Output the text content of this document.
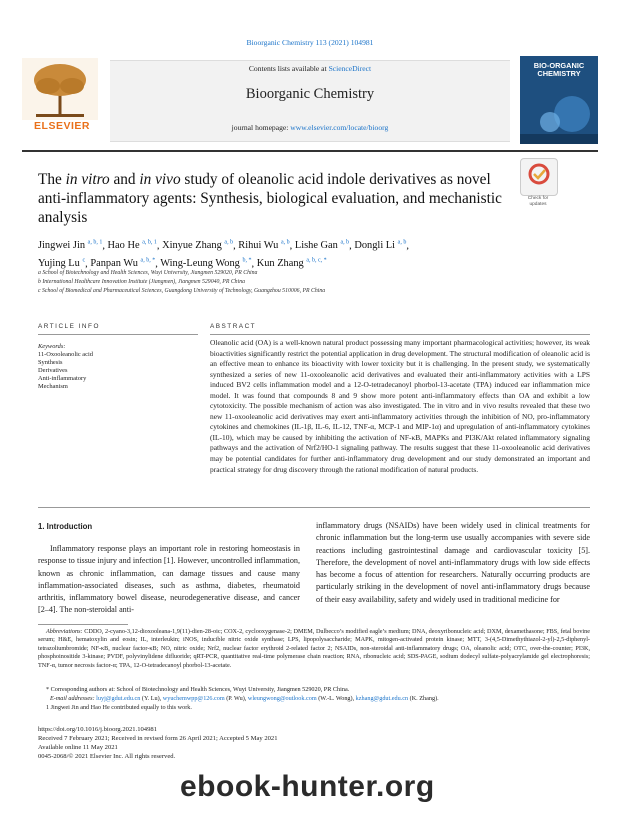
Bioorganic Chemistry 113 (2021) 104981
ELSEVIER
Contents lists available at ScienceDirect
Bioorganic Chemistry
journal homepage: www.elsevier.com/locate/bioorg
BIO-ORGANIC CHEMISTRY
The in vitro and in vivo study of oleanolic acid indole derivatives as novel anti-inflammatory agents: Synthesis, biological evaluation, and mechanistic analysis
Check for updates
Jingwei Jin $^{a, b, 1}$, Hao He $^{a, b, 1}$, Xinyue Zhang $^{a, b}$, Rihui Wu $^{a, b}$, Lishe Gan $^{a, b}$, Dongli Li $^{a, b}$,
Yujing Lu $^c$, Panpan Wu $^{a, b, *}$, Wing-Leung Wong $^{b, *}$, Kun Zhang $^{a, b, c, *}$
a School of Biotechnology and Health Sciences, Wuyi University, Jiangmen 529020, PR China
b International Healthcare Innovation Institute (Jiangmen), Jiangmen 529040, PR China
c School of Biomedical and Pharmaceutical Sciences, Guangdong University of Technology, Guangzhou 510006, PR China
ARTICLE INFO	ABSTRACT
Keywords:
11-Oxooleanolic acid
Synthesis
Derivatives
Anti-inflammatory
Mechanism
Oleanolic acid (OA) is a well-known natural product possessing many important pharmacological activities; however, its weak bioactivities significantly restrict the potential application in drug development. The structural modification of oleanolic acid is an effective mean to enhance its bioactivity with lower toxicity but it is challenging. In the present study, we systematically synthesized a series of new 11-oxooleanolic acid derivatives and evaluated their anti-inflammatory activities with a LPS induced BV2 cells inflammation model and a 12-O-tetradecanoyl phorbol-13-acetate (TPA) induced ear inflammation mice model. It was found that compounds 8 and 9 show more potent anti-inflammatory effects than OA and exhibit a low cytotoxicity. The possible mechanism of action was also investigated. The in vitro and in vivo results revealed that these two new 11-oxooleanolic acid derivatives may exert anti-inflammatory activities through the inhibition of NO, pro-inflammatory cytokines and chemokines (IL-1β, IL-6, IL-12, TNF-α, MCP-1 and MIP-1α) and upregulation of anti-inflammatory cytokines (IL-10), which may be caused by inhibiting the activation of NF-κB, MAPKs and PI3K/Akt related inflammatory signaling pathways and the activation of Nrf2/HO-1 signaling pathway. The results suggest that these 11-oxooleanolic acid derivatives may be potential candidates for further anti-inflammatory drug development and our study demonstrated an important and practical strategy for drug discovery through the rational modification of natural products.
1. Introduction
Inflammatory response plays an important role in restoring homeostasis in response to tissue injury and infection [1]. However, uncontrolled inflammation, known as chronic inflammation, can damage tissues and cause many inflammation-associated diseases, such as asthma, diabetes, rheumatoid arthritis, inflammatory bowel disease, neurodegenerative disease, and cancer [2–4]. The non-steroidal anti-
inflammatory drugs (NSAIDs) have been widely used in clinical treatments for chronic inflammation but the long-term use usually accompanies with severe side reactions including gastrointestinal damage and cardiovascular toxicity [5]. Therefore, the development of novel anti-inflammatory drugs with low side effects has become a focus of attention for researchers. Naturally occurring products are particularly striking in the development of novel anti-inflammatory drugs because of their easy availability, safety and widely used in traditional medicine for
Abbreviations: CDDO, 2-cyano-3,12-dioxooleana-1,9(11)-dien-28-oic; COX-2, cyclooxygenase-2; DMEM, Dulbecco’s modified eagle’s medium; DNA, deoxyribonucleic acid; DXM, dexamethasone; FBS, fetal bovine serum; H&E, hematoxylin and eosin; IL, interleukin; iNOS, inducible nitric oxide synthase; LPS, lipopolysaccharide; MAPK, mitogen-activated protein kinase; MTT, 3-(4,5-Dimethythiazol-2-yl)-2,5-diphenyl-tetrazoliumbromide; NF-κB, nuclear factor-κB; NO, nitric oxide; Nrf2, nuclear factor erythroid 2-related factor 2; NSAIDs, non-steroidal anti-inflammatory drugs; OA, oleanolic acid; OTC, over-the-counter; PI3K, phosphoinositide 3-kinase; PVDF, polyvinylidene difluoride; qRT-PCR, quantitative real-time polymerase chain reaction; RNA, ribonucleic acid; SDS-PAGE, sodium dodecyl sulfate-polyacrylamide gel electrophoresis; TNF-α, tumor necrosis factor-α; TPA, 12-O-tetradecanoyl phorbol-13-acetate.
* Corresponding authors at: School of Biotechnology and Health Sciences, Wuyi University, Jiangmen 529020, PR China.
E-mail addresses: luyj@gdut.edu.cn (Y. Lu), wyuchemwpp@126.com (P. Wu), wleungwong@outlook.com (W.-L. Wong), kzhang@gdut.edu.cn (K. Zhang).
1 Jingwei Jin and Hao He contributed equally to this work.
https://doi.org/10.1016/j.bioorg.2021.104981
Received 7 February 2021; Received in revised form 26 April 2021; Accepted 5 May 2021
Available online 11 May 2021
0045-2068/© 2021 Elsevier Inc. All rights reserved.
ebook-hunter.org
